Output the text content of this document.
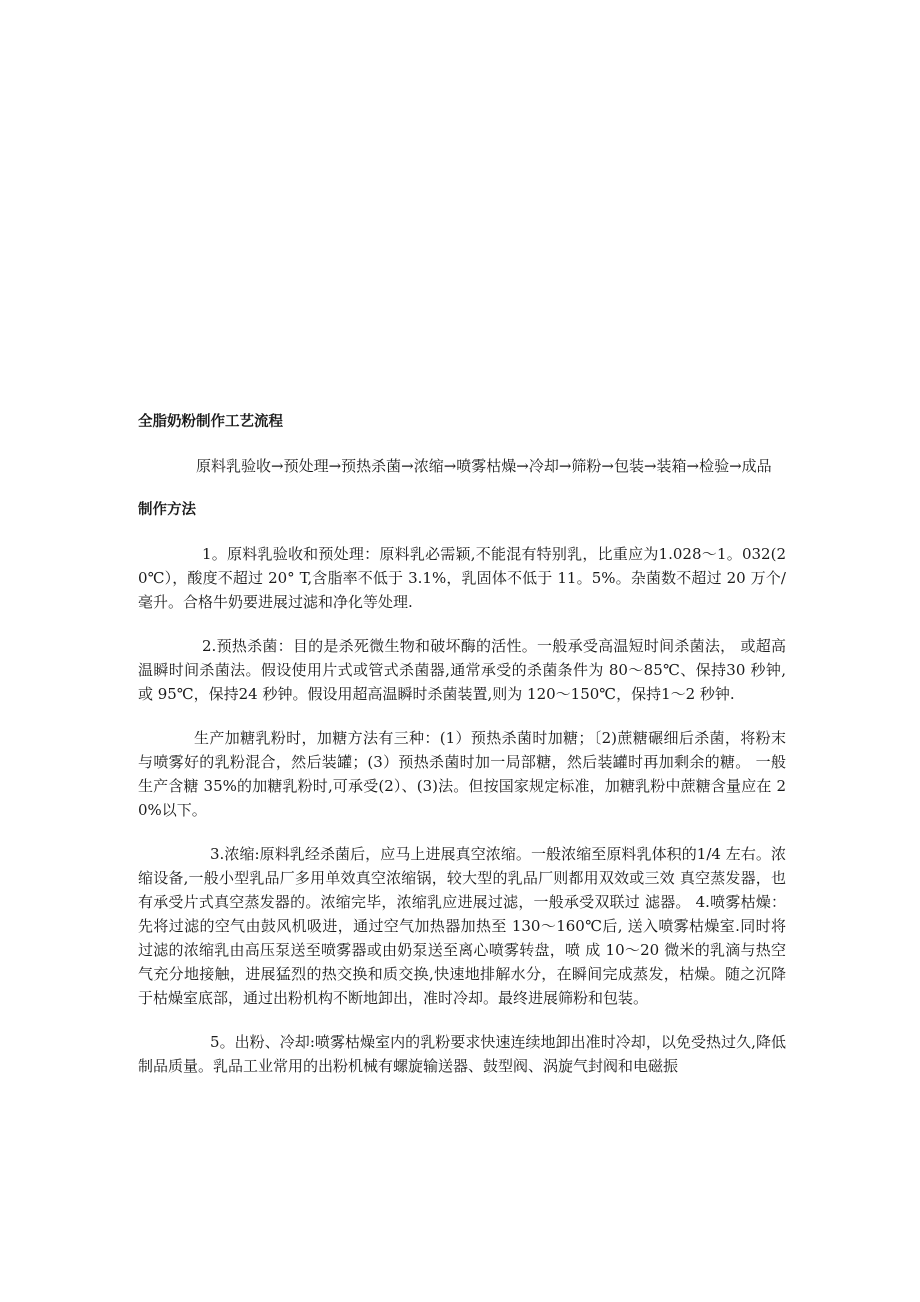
全脂奶粉制作工艺流程

原料乳验收→预处理→预热杀菌→浓缩→喷雾枯燥→冷却→筛粉→包装→装箱→检验→成品

制作方法

1。原料乳验收和预处理：原料乳必需颖,不能混有特别乳，比重应为1.028～1。032(20℃），酸度不超过 20° T,含脂率不低于 3.1%，乳固体不低于 11。5%。杂菌数不超过 20 万个/毫升。合格牛奶要进展过滤和净化等处理.

2.预热杀菌：目的是杀死微生物和破坏酶的活性。一般承受高温短时间杀菌法， 或超高温瞬时间杀菌法。假设使用片式或管式杀菌器,通常承受的杀菌条件为 80～85℃、保持30 秒钟,或 95℃，保持24 秒钟。假设用超高温瞬时杀菌装置,则为 120～150℃，保持1～2 秒钟.

生产加糖乳粉时，加糖方法有三种：(1）预热杀菌时加糖；〔2)蔗糖碾细后杀菌，将粉末与喷雾好的乳粉混合，然后装罐；(3）预热杀菌时加一局部糖，然后装罐时再加剩余的糖。 一般生产含糖 35%的加糖乳粉时,可承受(2）、(3)法。但按国家规定标准，加糖乳粉中蔗糖含量应在 20%以下。

3.浓缩:原料乳经杀菌后，应马上进展真空浓缩。一般浓缩至原料乳体积的1/4 左右。浓缩设备,一般小型乳品厂多用单效真空浓缩锅，较大型的乳品厂则都用双效或三效 真空蒸发器，也有承受片式真空蒸发器的。浓缩完毕，浓缩乳应进展过滤，一般承受双联过 滤器。 4.喷雾枯燥：先将过滤的空气由鼓风机吸进，通过空气加热器加热至 130～160℃后, 送入喷雾枯燥室.同时将过滤的浓缩乳由高压泵送至喷雾器或由奶泵送至离心喷雾转盘，喷 成 10～20 微米的乳滴与热空气充分地接触，进展猛烈的热交换和质交换,快速地排解水分，在瞬间完成蒸发，枯燥。随之沉降于枯燥室底部，通过出粉机构不断地卸出，准时冷却。最终进展筛粉和包装。

5。出粉、冷却:喷雾枯燥室内的乳粉要求快速连续地卸出准时冷却，以免受热过久,降低制品质量。乳品工业常用的出粉机械有螺旋输送器、鼓型阀、涡旋气封阀和电磁振
